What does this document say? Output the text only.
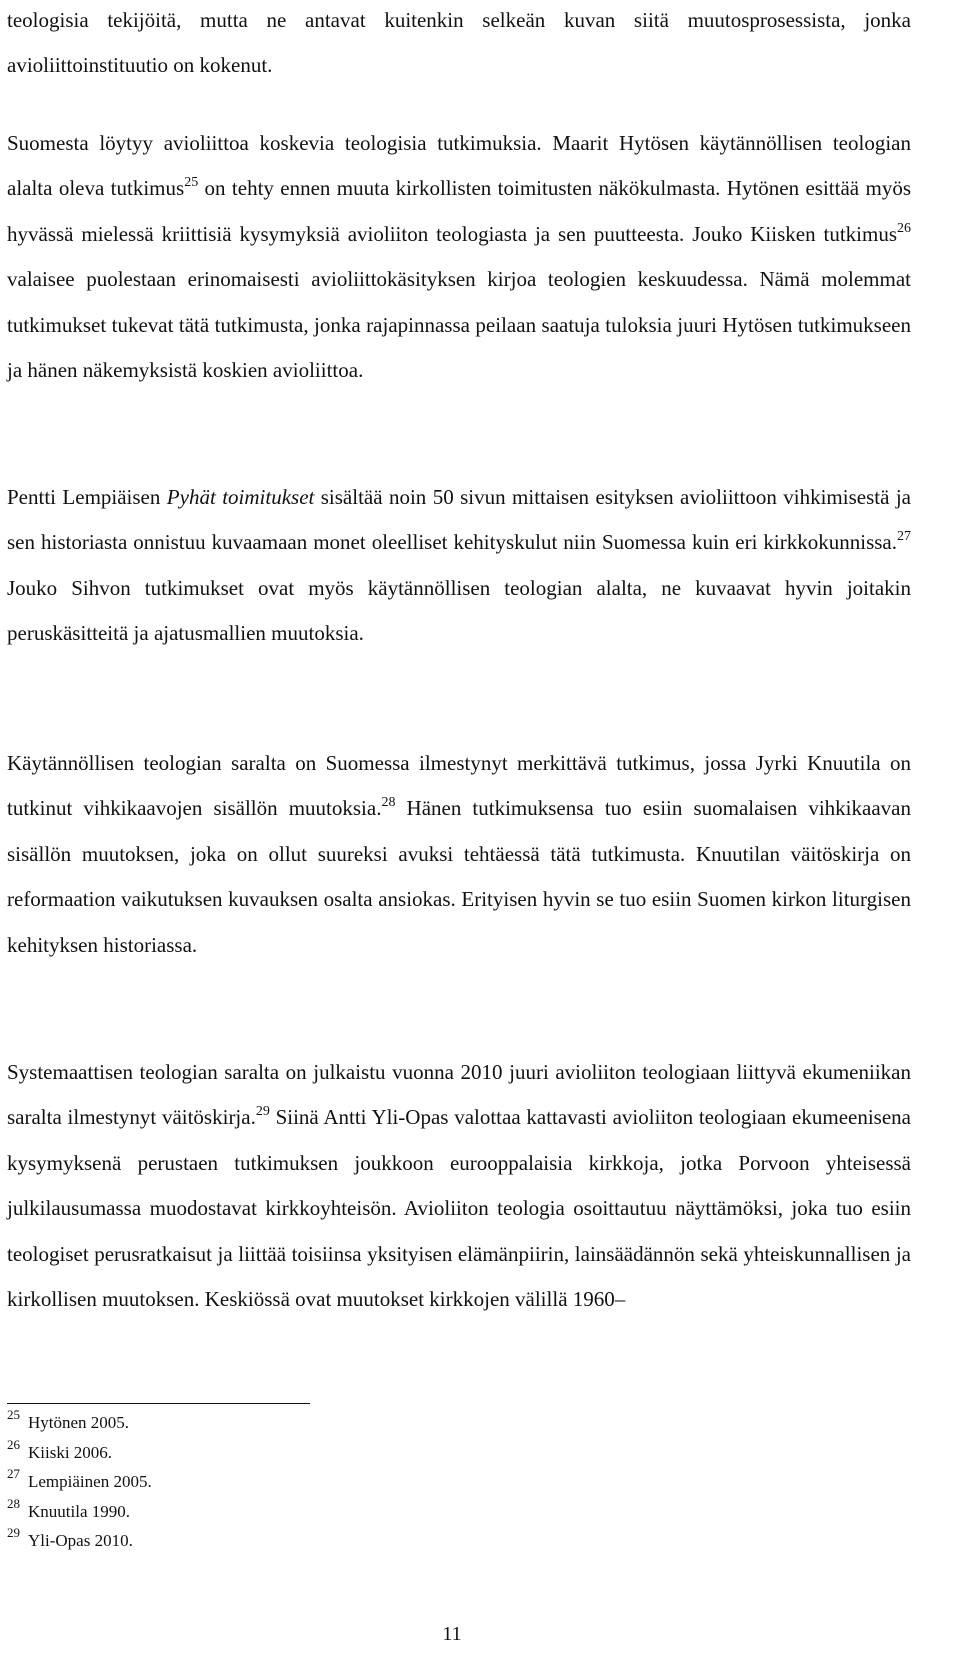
teologisia tekijöitä, mutta ne antavat kuitenkin selkeän kuvan siitä muutosprosessista, jonka avioliittoinstituutio on kokenut.

Suomesta löytyy avioliittoa koskevia teologisia tutkimuksia. Maarit Hytösen käytännöllisen teologian alalta oleva tutkimus$^{25}$ on tehty ennen muuta kirkollisten toimitusten näkökulmasta. Hytönen esittää myös hyvässä mielessä kriittisiä kysymyksiä avioliiton teologiasta ja sen puutteesta. Jouko Kiisken tutkimus$^{26}$ valaisee puolestaan erinomaisesti avioliittokäsityksen kirjoa teologien keskuudessa. Nämä molemmat tutkimukset tukevat tätä tutkimusta, jonka rajapinnassa peilaan saatuja tuloksia juuri Hytösen tutkimukseen ja hänen näkemyksistä koskien avioliittoa.

Pentti Lempiäisen Pyhät toimitukset sisältää noin 50 sivun mittaisen esityksen avioliittoon vihkimisestä ja sen historiasta onnistuu kuvaamaan monet oleelliset kehityskulut niin Suomessa kuin eri kirkkokunnissa.$^{27}$ Jouko Sihvon tutkimukset ovat myös käytännöllisen teologian alalta, ne kuvaavat hyvin joitakin peruskäsitteitä ja ajatusmallien muutoksia.

Käytännöllisen teologian saralta on Suomessa ilmestynyt merkittävä tutkimus, jossa Jyrki Knuutila on tutkinut vihkikaavojen sisällön muutoksia.$^{28}$ Hänen tutkimuksensa tuo esiin suomalaisen vihkikaavan sisällön muutoksen, joka on ollut suureksi avuksi tehtäessä tätä tutkimusta. Knuutilan väitöskirja on reformaation vaikutuksen kuvauksen osalta ansiokas. Erityisen hyvin se tuo esiin Suomen kirkon liturgisen kehityksen historiassa.

Systemaattisen teologian saralta on julkaistu vuonna 2010 juuri avioliiton teologiaan liittyvä ekumeniikan saralta ilmestynyt väitöskirja.$^{29}$ Siinä Antti Yli-Opas valottaa kattavasti avioliiton teologiaan ekumeenisena kysymyksenä perustaen tutkimuksen joukkoon eurooppalaisia kirkkoja, jotka Porvoon yhteisessä julkilausumassa muodostavat kirkkoyhteisön. Avioliiton teologia osoittautuu näyttämöksi, joka tuo esiin teologiset perusratkaisut ja liittää toisiinsa yksityisen elämänpiirin, lainsäädännön sekä yhteiskunnallisen ja kirkollisen muutoksen. Keskiössä ovat muutokset kirkkojen välillä 1960–

25 Hytönen 2005.
26 Kiiski 2006.
27 Lempiäinen 2005.
28 Knuutila 1990.
29 Yli-Opas 2010.
11
